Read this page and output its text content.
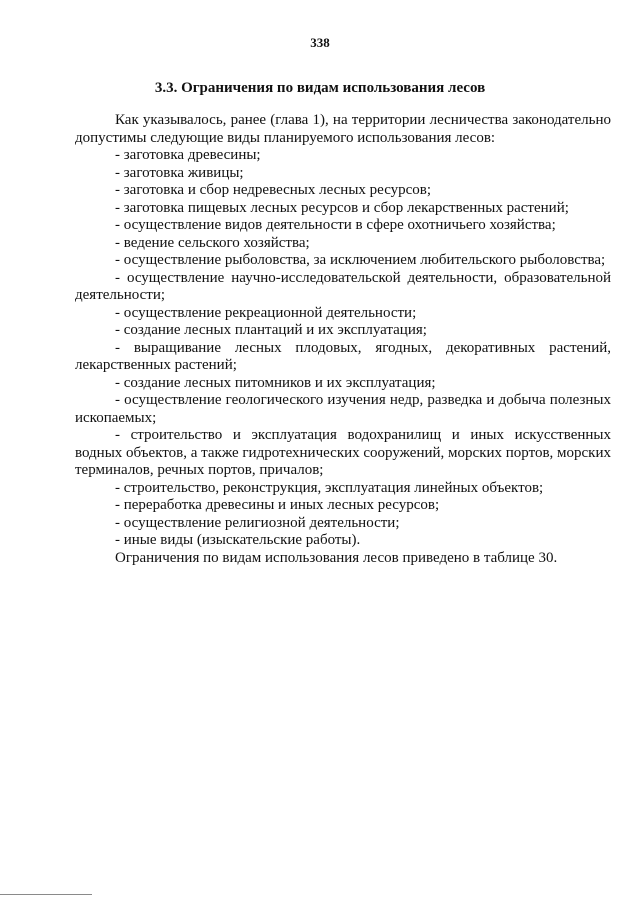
338
3.3. Ограничения по видам использования лесов

Как указывалось, ранее (глава 1), на территории лесничества законодательно допустимы следующие виды планируемого использования лесов:

- заготовка древесины;

- заготовка живицы;

- заготовка и сбор недревесных лесных ресурсов;

- заготовка пищевых лесных ресурсов и сбор лекарственных растений;

- осуществление видов деятельности в сфере охотничьего хозяйства;

- ведение сельского хозяйства;

- осуществление рыболовства, за исключением любительского рыболовства;

- осуществление научно-исследовательской деятельности, образовательной деятельности;

- осуществление рекреационной деятельности;

- создание лесных плантаций и их эксплуатация;

- выращивание лесных плодовых, ягодных, декоративных растений, лекарственных растений;

- создание лесных питомников и их эксплуатация;

- осуществление геологического изучения недр, разведка и добыча полезных ископаемых;

- строительство и эксплуатация водохранилищ и иных искусственных водных объектов, а также гидротехнических сооружений, морских портов, морских терминалов, речных портов, причалов;

- строительство, реконструкция, эксплуатация линейных объектов;

- переработка древесины и иных лесных ресурсов;

- осуществление религиозной деятельности;

- иные виды (изыскательские работы).

Ограничения по видам использования лесов приведено в таблице 30.
